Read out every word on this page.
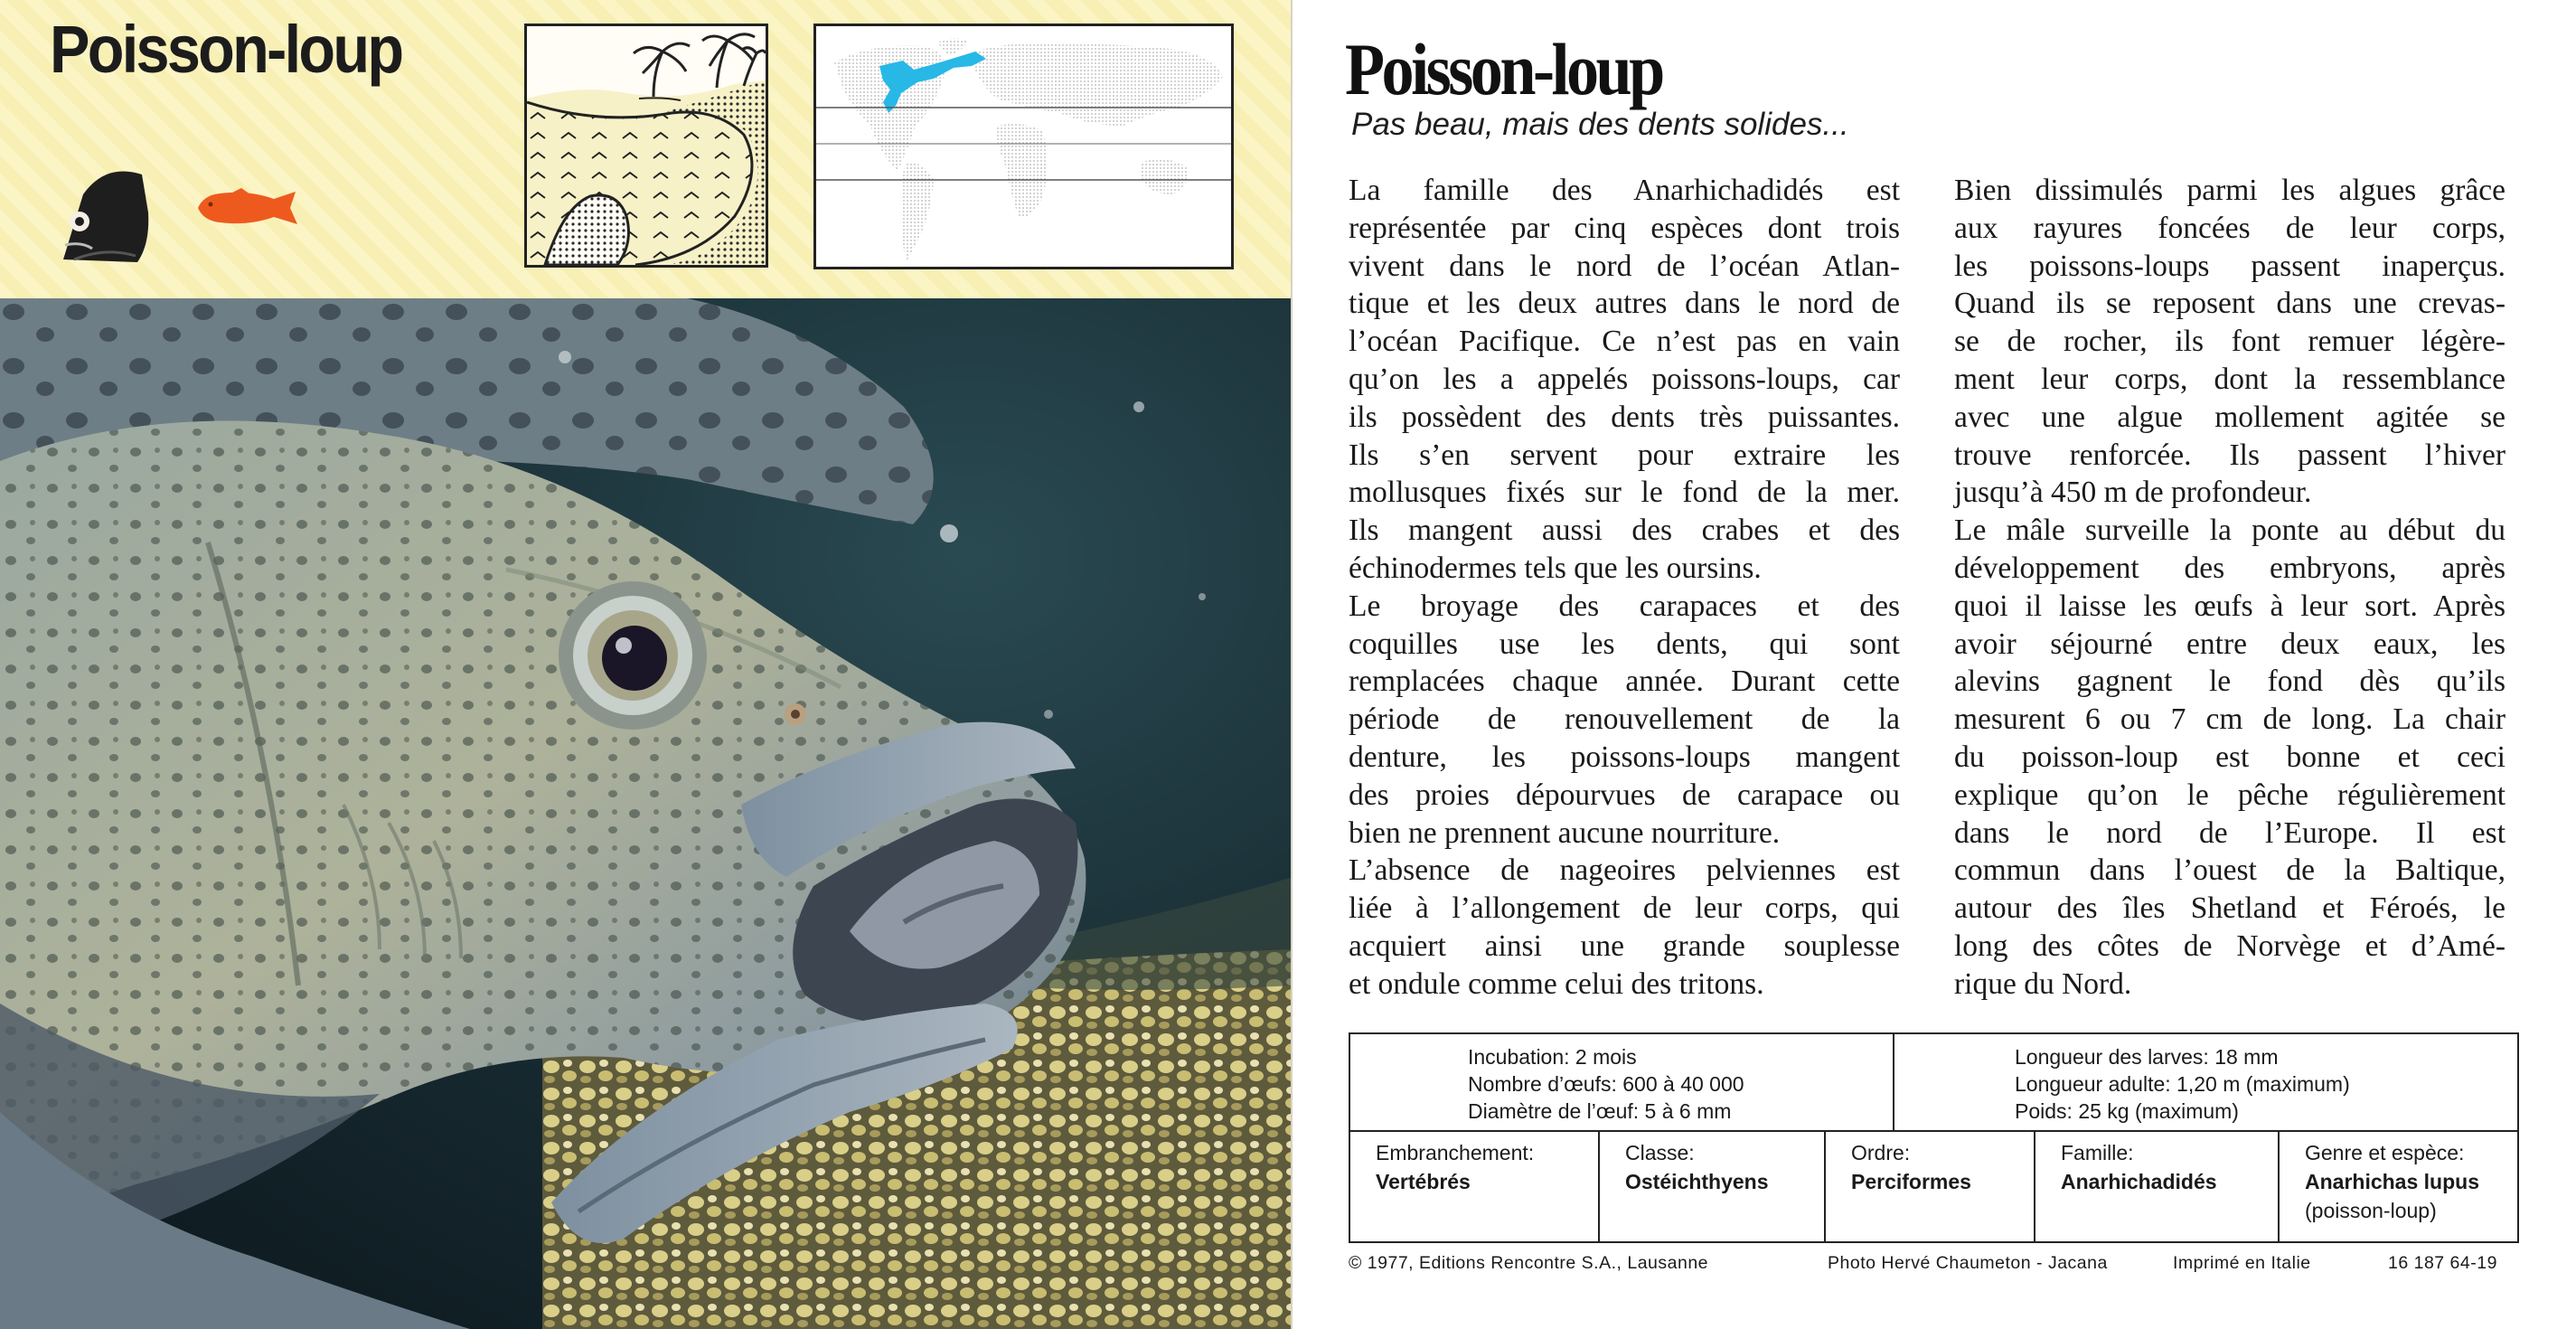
Poisson-loup	Poisson-loup
Pas beau, mais des dents solides...
La famille des Anarhichadidés est
représentée par cinq espèces dont trois
vivent dans le nord de l’océan Atlan-
tique et les deux autres dans le nord de
l’océan Pacifique. Ce n’est pas en vain
qu’on les a appelés poissons-loups, car
ils possèdent des dents très puissantes.
Ils s’en servent pour extraire les
mollusques fixés sur le fond de la mer.
Ils mangent aussi des crabes et des
échinodermes tels que les oursins.
Le broyage des carapaces et des
coquilles use les dents, qui sont
remplacées chaque année. Durant cette
période de renouvellement de la
denture, les poissons-loups mangent
des proies dépourvues de carapace ou
bien ne prennent aucune nourriture.
L’absence de nageoires pelviennes est
liée à l’allongement de leur corps, qui
acquiert ainsi une grande souplesse
et ondule comme celui des tritons.
Bien dissimulés parmi les algues grâce
aux rayures foncées de leur corps,
les poissons-loups passent inaperçus.
Quand ils se reposent dans une crevas-
se de rocher, ils font remuer légère-
ment leur corps, dont la ressemblance
avec une algue mollement agitée se
trouve renforcée. Ils passent l’hiver
jusqu’à 450 m de profondeur.
Le mâle surveille la ponte au début du
développement des embryons, après
quoi il laisse les œufs à leur sort. Après
avoir séjourné entre deux eaux, les
alevins gagnent le fond dès qu’ils
mesurent 6 ou 7 cm de long. La chair
du poisson-loup est bonne et ceci
explique qu’on le pêche régulièrement
dans le nord de l’Europe. Il est
commun dans l’ouest de la Baltique,
autour des îles Shetland et Féroés, le
long des côtes de Norvège et d’Amé-
rique du Nord.
Incubation: 2 mois
Nombre d’œufs: 600 à 40 000
Diamètre de l’œuf: 5 à 6 mm
Longueur des larves: 18 mm
Longueur adulte: 1,20 m (maximum)
Poids: 25 kg (maximum)
Embranchement:
Vertébrés
Classe:
Ostéichthyens
Ordre:
Perciformes
Famille:
Anarhichadidés
Genre et espèce:
Anarhichas lupus
(poisson-loup)
© 1977, Editions Rencontre S.A., Lausanne	Photo Hervé Chaumeton - Jacana	Imprimé en Italie	16 187 64-19
